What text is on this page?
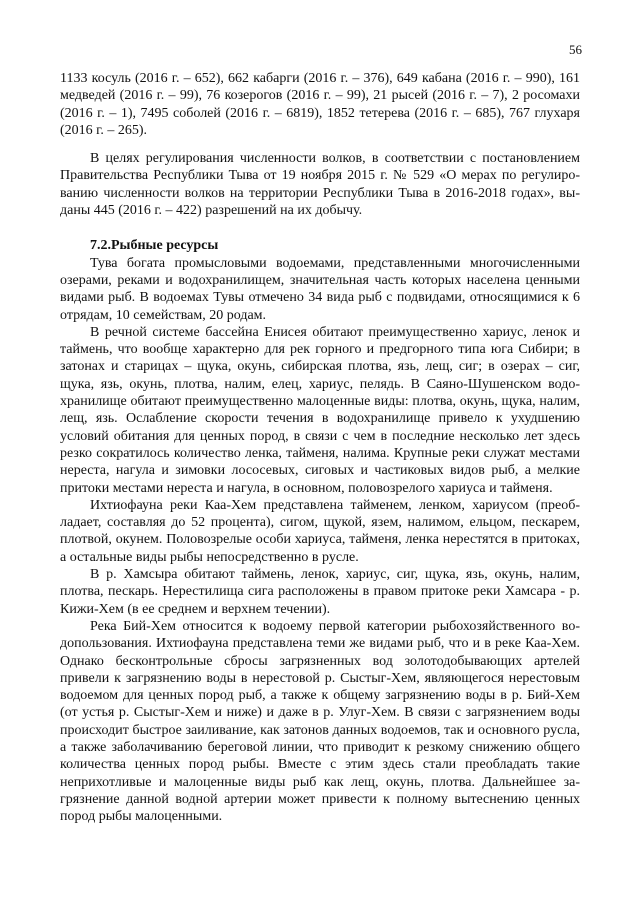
56

1133 косуль (2016 г. – 652), 662 кабарги (2016 г. – 376), 649 кабана (2016 г. – 990), 161 медведей (2016 г. – 99), 76 козерогов (2016 г. – 99), 21 рысей (2016 г. – 7), 2 росомахи (2016 г. – 1), 7495 соболей (2016 г. – 6819), 1852 тетерева (2016 г. – 685), 767 глухаря (2016 г. – 265).

В целях регулирования численности волков, в соответствии с постановлением Правительства Республики Тыва от 19 ноября 2015 г. № 529 «О мерах по регулированию численности волков на территории Республики Тыва в 2016-2018 годах», выданы 445 (2016 г. – 422) разрешений на их добычу.

7.2.Рыбные ресурсы

Тува богата промысловыми водоемами, представленными многочисленными озерами, реками и водохранилищем, значительная часть которых населена ценными видами рыб. В водоемах Тувы отмечено 34 вида рыб с подвидами, относящимися к 6 отрядам, 10 семействам, 20 родам.

В речной системе бассейна Енисея обитают преимущественно хариус, ленок и таймень, что вообще характерно для рек горного и предгорного типа юга Сибири; в затонах и старицах – щука, окунь, сибирская плотва, язь, лещ, сиг; в озерах – сиг, щука, язь, окунь, плотва, налим, елец, хариус, пелядь. В Саяно-Шушенском водохранилище обитают преимущественно малоценные виды: плотва, окунь, щука, налим, лещ, язь. Ослабление скорости течения в водохранилище привело к ухудшению условий обитания для ценных пород, в связи с чем в последние несколько лет здесь резко сократилось количество ленка, тайменя, налима. Крупные реки служат местами нереста, нагула и зимовки лососевых, сиговых и частиковых видов рыб, а мелкие притоки местами нереста и нагула, в основном, половозрелого хариуса и тайменя.

Ихтиофауна реки Каа-Хем представлена тайменем, ленком, хариусом (преобладает, составляя до 52 процента), сигом, щукой, язем, налимом, ельцом, пескарем, плотвой, окунем. Половозрелые особи хариуса, тайменя, ленка нерестятся в притоках, а остальные виды рыбы непосредственно в русле.

В р. Хамсыра обитают таймень, ленок, хариус, сиг, щука, язь, окунь, налим, плотва, пескарь. Нерестилища сига расположены в правом притоке реки Хамсара - р. Кижи-Хем (в ее среднем и верхнем течении).

Река Бий-Хем относится к водоему первой категории рыбохозяйственного водопользования. Ихтиофауна представлена теми же видами рыб, что и в реке Каа-Хем. Однако бесконтрольные сбросы загрязненных вод золотодобывающих артелей привели к загрязнению воды в нерестовой р. Сыстыг-Хем, являющегося нерестовым водоемом для ценных пород рыб, а также к общему загрязнению воды в р. Бий-Хем (от устья р. Сыстыг-Хем и ниже) и даже в р. Улуг-Хем. В связи с загрязнением воды происходит быстрое заиливание, как затонов данных водоемов, так и основного русла, а также заболачиванию береговой линии, что приводит к резкому снижению общего количества ценных пород рыбы. Вместе с этим здесь стали преобладать такие неприхотливые и малоценные виды рыб как лещ, окунь, плотва. Дальнейшее загрязнение данной водной артерии может привести к полному вытеснению ценных пород рыбы малоценными.
